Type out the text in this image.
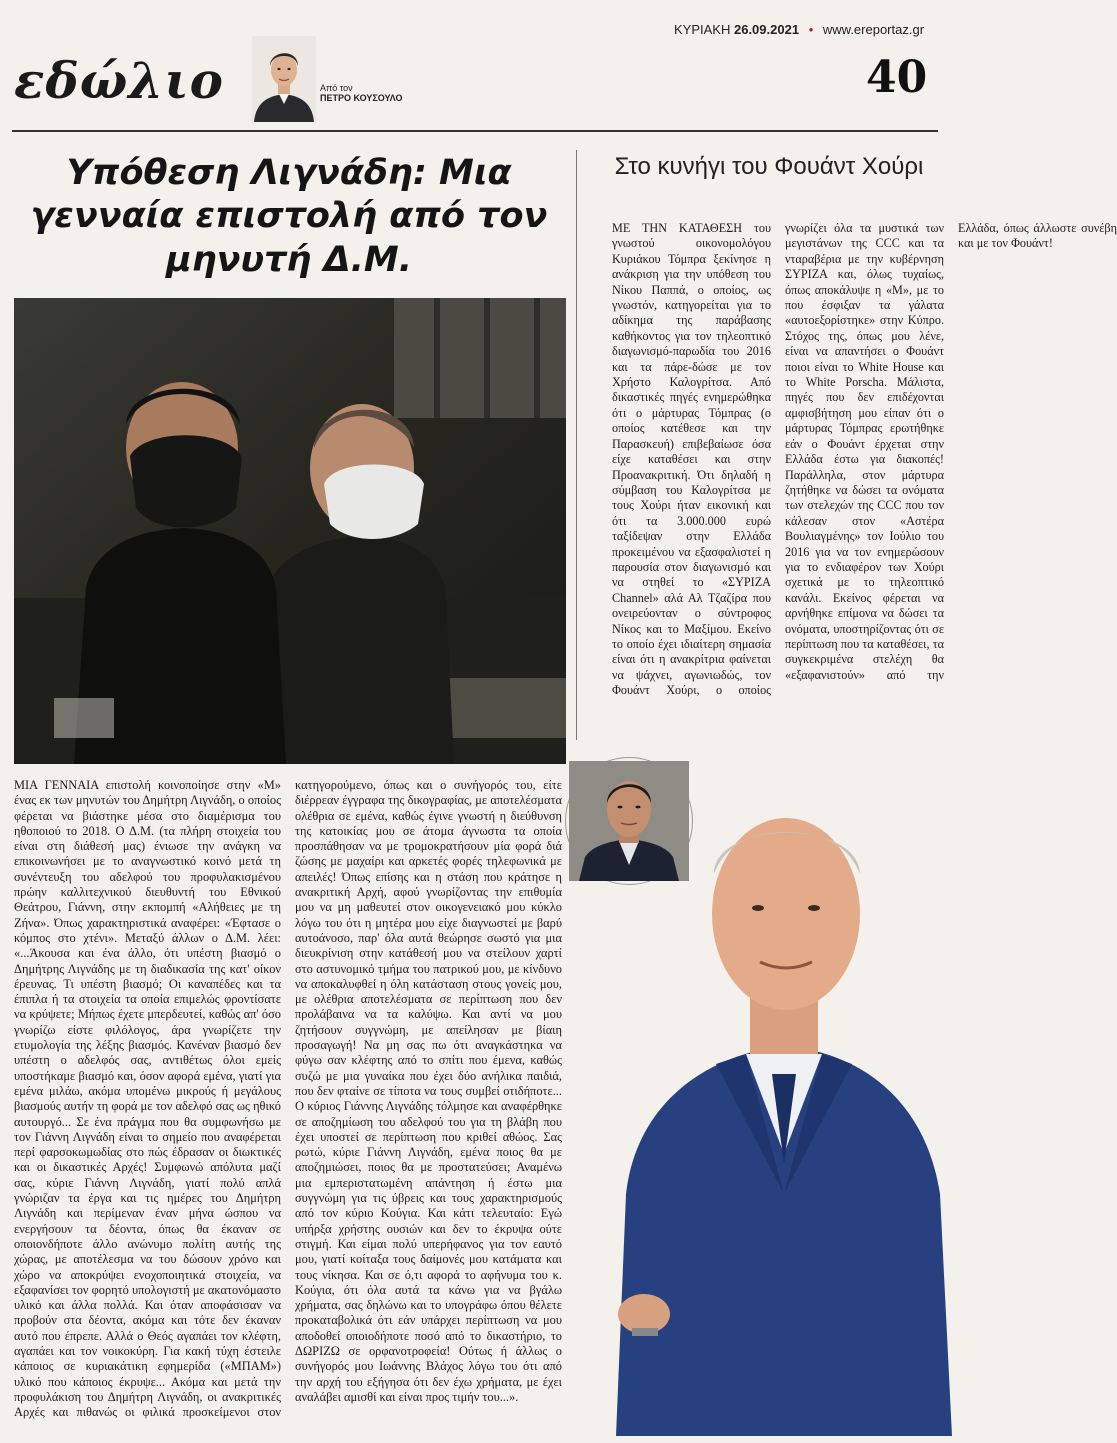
ΚΥΡΙΑΚΗ 26.09.2021 • www.ereportaz.gr
εδώλιο	Από τον
ΠΕΤΡΟ ΚΟΥΣΟΥΛΟ	40
Υπόθεση Λιγνάδη: Μια γενναία επιστολή από τον μηνυτή Δ.Μ.
Στο κυνήγι του Φουάντ Χούρι

ΜΕ ΤΗΝ ΚΑΤΑΘΕΣΗ του γνωστού οικονομολόγου Κυριάκου Τόμπρα ξεκίνησε η ανάκριση για την υπόθεση του Νίκου Παππά, ο οποίος, ως γνωστόν, κατηγορείται για το αδίκημα της παράβασης καθήκοντος για τον τηλεοπτικό διαγωνισμό-παρωδία του 2016 και τα πάρε-δώσε με τον Χρήστο Καλογρίτσα. Από δικαστικές πηγές ενημερώθηκα ότι ο μάρτυρας Τόμπρας (ο οποίος κατέθεσε και την Παρασκευή) επιβεβαίωσε όσα είχε καταθέσει και στην Προανακριτική. Ότι δηλαδή η σύμβαση του Καλογρίτσα με τους Χούρι ήταν εικονική και ότι τα 3.000.000 ευρώ ταξίδεψαν στην Ελλάδα προκειμένου να εξασφαλιστεί η παρουσία στον διαγωνισμό και να στηθεί το «ΣΥΡΙΖΑ Channel» αλά Αλ Τζαζίρα που ονειρεύονταν ο σύντροφος Νίκος και το Μαξίμου. Εκείνο το οποίο έχει ιδιαίτερη σημασία είναι ότι η ανακρίτρια φαίνεται να ψάχνει, αγωνιωδώς, τον Φουάντ Χούρι, ο οποίος γνωρίζει όλα τα μυστικά των μεγιστάνων της CCC και τα νταραβέρια με την κυβέρνηση ΣΥΡΙΖΑ και, όλως τυχαίως, όπως αποκάλυψε η «Μ», με το που έσφιξαν τα γάλατα «αυτοεξορίστηκε» στην Κύπρο. Στόχος της, όπως μου λένε, είναι να απαντήσει ο Φουάντ ποιοι είναι το White House και το White Porscha. Μάλιστα, πηγές που δεν επιδέχονται αμφισβήτηση μου είπαν ότι ο μάρτυρας Τόμπρας ερωτήθηκε εάν ο Φουάντ έρχεται στην Ελλάδα έστω για διακοπές! Παράλληλα, στον μάρτυρα ζητήθηκε να δώσει τα ονόματα των στελεχών της CCC που τον κάλεσαν στον «Αστέρα Βουλιαγμένης» τον Ιούλιο του 2016 για να τον ενημερώσουν για το ενδιαφέρον των Χούρι σχετικά με το τηλεοπτικό κανάλι. Εκείνος φέρεται να αρνήθηκε επίμονα να δώσει τα ονόματα, υποστηρίζοντας ότι σε περίπτωση που τα καταθέσει, τα συγκεκριμένα στελέχη θα «εξαφανιστούν» από την Ελλάδα, όπως άλλωστε συνέβη και με τον Φουάντ!

ΜΙΑ ΓΕΝΝΑΙΑ επιστολή κοινοποίησε στην «Μ» ένας εκ των μηνυτών του Δημήτρη Λιγνάδη, ο οποίος φέρεται να βιάστηκε μέσα στο διαμέρισμα του ηθοποιού το 2018. Ο Δ.Μ. (τα πλήρη στοιχεία του είναι στη διάθεσή μας) ένιωσε την ανάγκη να επικοινωνήσει με το αναγνωστικό κοινό μετά τη συνέντευξη του αδελφού του προφυλακισμένου πρώην καλλιτεχνικού διευθυντή του Εθνικού Θεάτρου, Γιάννη, στην εκπομπή «Αλήθειες με τη Ζήνα». Όπως χαρακτηριστικά αναφέρει: «Έφτασε ο κόμπος στο χτένι». Μεταξύ άλλων ο Δ.Μ. λέει: «...Άκουσα και ένα άλλο, ότι υπέστη βιασμό ο Δημήτρης Λιγνάδης με τη διαδικασία της κατ' οίκον έρευνας. Τι υπέστη βιασμό; Οι καναπέδες και τα έπιπλα ή τα στοιχεία τα οποία επιμελώς φροντίσατε να κρύψετε; Μήπως έχετε μπερδευτεί, καθώς απ' όσο γνωρίζω είστε φιλόλογος, άρα γνωρίζετε την ετυμολογία της λέξης βιασμός. Κανέναν βιασμό δεν υπέστη ο αδελφός σας, αντιθέτως όλοι εμείς υποστήκαμε βιασμό και, όσον αφορά εμένα, γιατί για εμένα μιλάω, ακόμα υπομένω μικρούς ή μεγάλους βιασμούς αυτήν τη φορά με τον αδελφό σας ως ηθικό αυτουργό... Σε ένα πράγμα που θα συμφωνήσω με τον Γιάννη Λιγνάδη είναι το σημείο που αναφέρεται περί φαρσοκωμωδίας στο πώς έδρασαν οι διωκτικές και οι δικαστικές Αρχές! Συμφωνώ απόλυτα μαζί σας, κύριε Γιάννη Λιγνάδη, γιατί πολύ απλά γνώριζαν τα έργα και τις ημέρες του Δημήτρη Λιγνάδη και περίμεναν έναν μήνα ώσπου να ενεργήσουν τα δέοντα, όπως θα έκαναν σε οποιονδήποτε άλλο ανώνυμο πολίτη αυτής της χώρας, με αποτέλεσμα να του δώσουν χρόνο και χώρο να αποκρύψει ενοχοποιητικά στοιχεία, να εξαφανίσει τον φορητό υπολογιστή με ακατονόμαστο υλικό και άλλα πολλά. Και όταν αποφάσισαν να προβούν στα δέοντα, ακόμα και τότε δεν έκαναν αυτό που έπρεπε. Αλλά ο Θεός αγαπάει τον κλέφτη, αγαπάει και τον νοικοκύρη. Για κακή τύχη έστειλε κάποιος σε κυριακάτικη εφημερίδα («ΜΠΑΜ») υλικό που κάποιος έκρυψε... Ακόμα και μετά την προφυλάκιση του Δημήτρη Λιγνάδη, οι ανακριτικές Αρχές και πιθανώς οι φιλικά προσκείμενοι στον κατηγορούμενο, όπως και ο συνήγορός του, είτε διέρρεαν έγγραφα της δικογραφίας, με αποτελέσματα ολέθρια σε εμένα, καθώς έγινε γνωστή η διεύθυνση της κατοικίας μου σε άτομα άγνωστα τα οποία προσπάθησαν να με τρομοκρατήσουν μία φορά διά ζώσης με μαχαίρι και αρκετές φορές τηλεφωνικά με απειλές! Όπως επίσης και η στάση που κράτησε η ανακριτική Αρχή, αφού γνωρίζοντας την επιθυμία μου να μη μαθευτεί στον οικογενειακό μου κύκλο λόγω του ότι η μητέρα μου είχε διαγνωστεί με βαρύ αυτοάνοσο, παρ' όλα αυτά θεώρησε σωστό για μια διευκρίνιση στην κατάθεσή μου να στείλουν χαρτί στο αστυνομικό τμήμα του πατρικού μου, με κίνδυνο να αποκαλυφθεί η όλη κατάσταση στους γονείς μου, με ολέθρια αποτελέσματα σε περίπτωση που δεν προλάβαινα να τα καλύψω. Και αντί να μου ζητήσουν συγγνώμη, με απείλησαν με βίαιη προσαγωγή! Να μη σας πω ότι αναγκάστηκα να φύγω σαν κλέφτης από το σπίτι που έμενα, καθώς συζώ με μια γυναίκα που έχει δύο ανήλικα παιδιά, που δεν φταίνε σε τίποτα να τους συμβεί οτιδήποτε... Ο κύριος Γιάννης Λιγνάδης τόλμησε και αναφέρθηκε σε αποζημίωση του αδελφού του για τη βλάβη που έχει υποστεί σε περίπτωση που κριθεί αθώος. Σας ρωτώ, κύριε Γιάννη Λιγνάδη, εμένα ποιος θα με αποζημιώσει, ποιος θα με προστατεύσει; Αναμένω μια εμπεριστατωμένη απάντηση ή έστω μια συγγνώμη για τις ύβρεις και τους χαρακτηρισμούς από τον κύριο Κούγια. Και κάτι τελευταίο: Εγώ υπήρξα χρήστης ουσιών και δεν το έκρυψα ούτε στιγμή. Και είμαι πολύ υπερήφανος για τον εαυτό μου, γιατί κοίταξα τους δαίμονές μου κατάματα και τους νίκησα. Και σε ό,τι αφορά το αφήνυμα του κ. Κούγια, ότι όλα αυτά τα κάνω για να βγάλω χρήματα, σας δηλώνω και το υπογράφω όπου θέλετε προκαταβολικά ότι εάν υπάρχει περίπτωση να μου αποδοθεί οποιοδήποτε ποσό από το δικαστήριο, το ΔΩΡΙΖΩ σε ορφανοτροφεία! Ούτως ή άλλως ο συνήγορός μου Ιωάννης Βλάχος λόγω του ότι από την αρχή του εξήγησα ότι δεν έχω χρήματα, με έχει αναλάβει αμισθί και είναι προς τιμήν του...».
